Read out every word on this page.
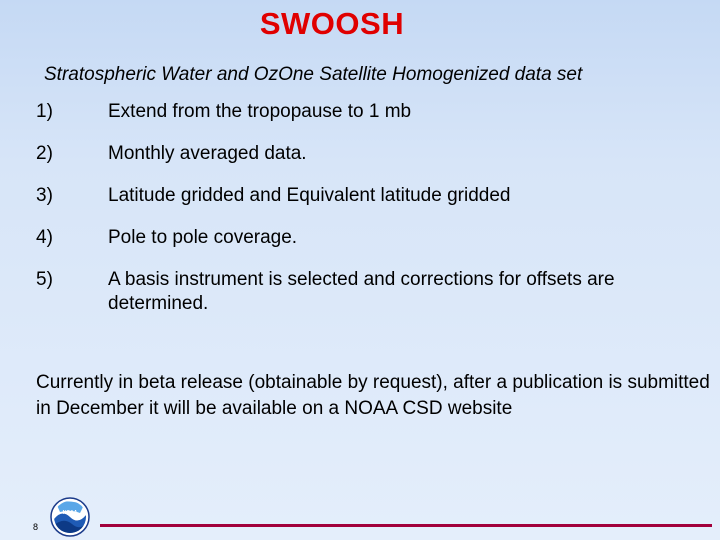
SWOOSH
Stratospheric Water and OzOne Satellite Homogenized data set
1)	Extend from the tropopause to 1 mb
2)	Monthly averaged data.
3)	Latitude gridded and Equivalent latitude gridded
4)	Pole to pole coverage.
5)	A basis instrument is selected and corrections for offsets are determined.
Currently in beta release (obtainable by request), after a publication is submitted in December it will be available on a NOAA CSD website
8
NOAA
